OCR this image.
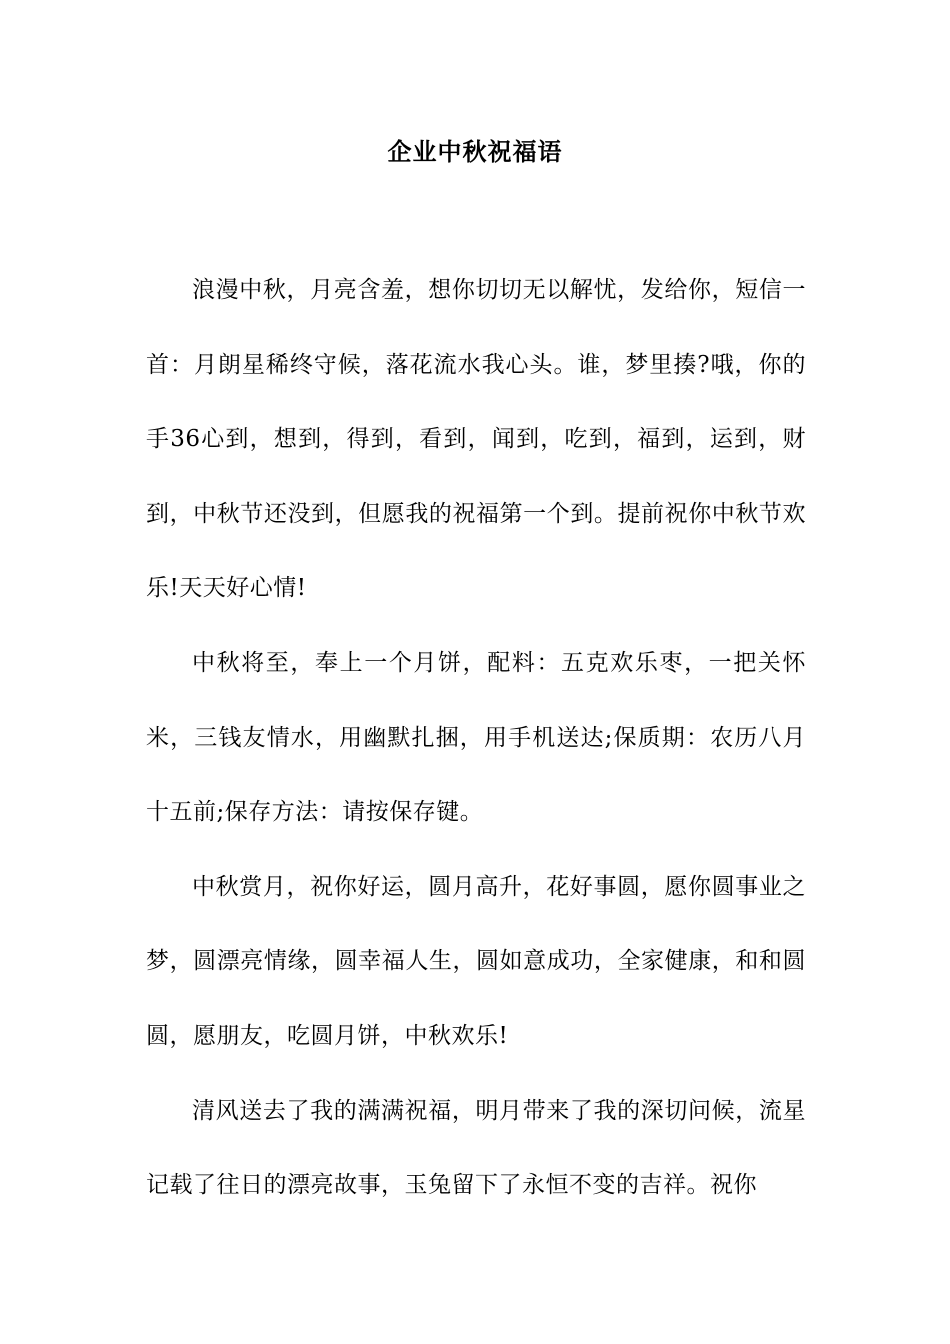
企业中秋祝福语

浪漫中秋，月亮含羞，想你切切无以解忧，发给你，短信一首：月朗星稀终守候，落花流水我心头。谁，梦里揍?哦，你的手36心到，想到，得到，看到，闻到，吃到，福到，运到，财到，中秋节还没到，但愿我的祝福第一个到。提前祝你中秋节欢乐!天天好心情!

中秋将至，奉上一个月饼，配料：五克欢乐枣，一把关怀米，三钱友情水，用幽默扎捆，用手机送达;保质期：农历八月十五前;保存方法：请按保存键。

中秋赏月，祝你好运，圆月高升，花好事圆，愿你圆事业之梦，圆漂亮情缘，圆幸福人生，圆如意成功，全家健康，和和圆圆，愿朋友，吃圆月饼，中秋欢乐!

清风送去了我的满满祝福，明月带来了我的深切问候，流星记载了往日的漂亮故事，玉兔留下了永恒不变的吉祥。祝你
